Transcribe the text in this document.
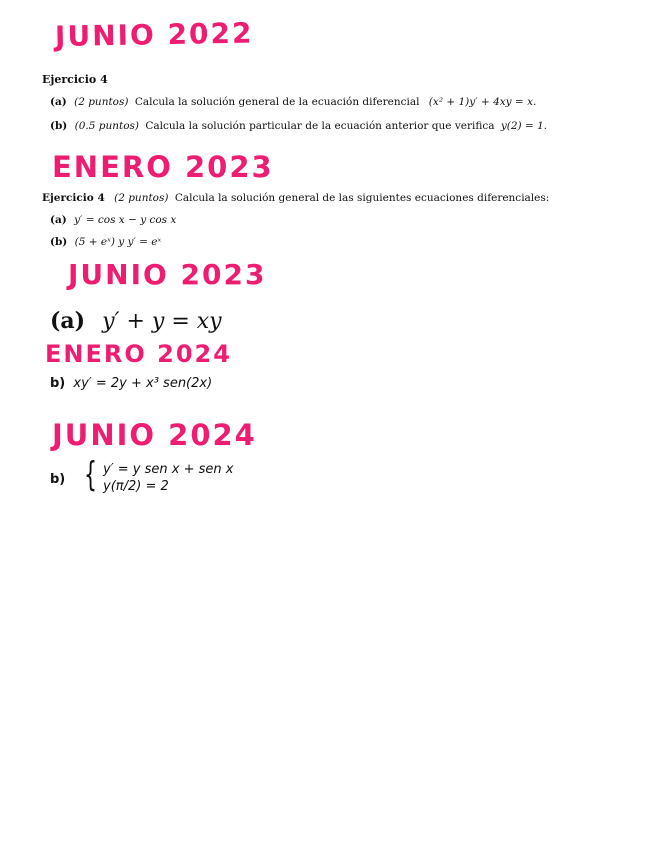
JUNIO 2022
Ejercicio 4
(a) (2 puntos) Calcula la solución general de la ecuación diferencial (x² + 1)y′ + 4xy = x.
(b) (0.5 puntos) Calcula la solución particular de la ecuación anterior que verifica y(2) = 1.
ENERO 2023
Ejercicio 4 (2 puntos) Calcula la solución general de las siguientes ecuaciones diferenciales:
(a) y′ = cos x − y cos x
(b) (5 + eˣ) y y′ = eˣ
JUNIO 2023
(a) y′ + y = xy
ENERO 2024
b) xy′ = 2y + x³ sen(2x)
JUNIO 2024
b) { y′ = y sen x + sen x
y(π/2) = 2
